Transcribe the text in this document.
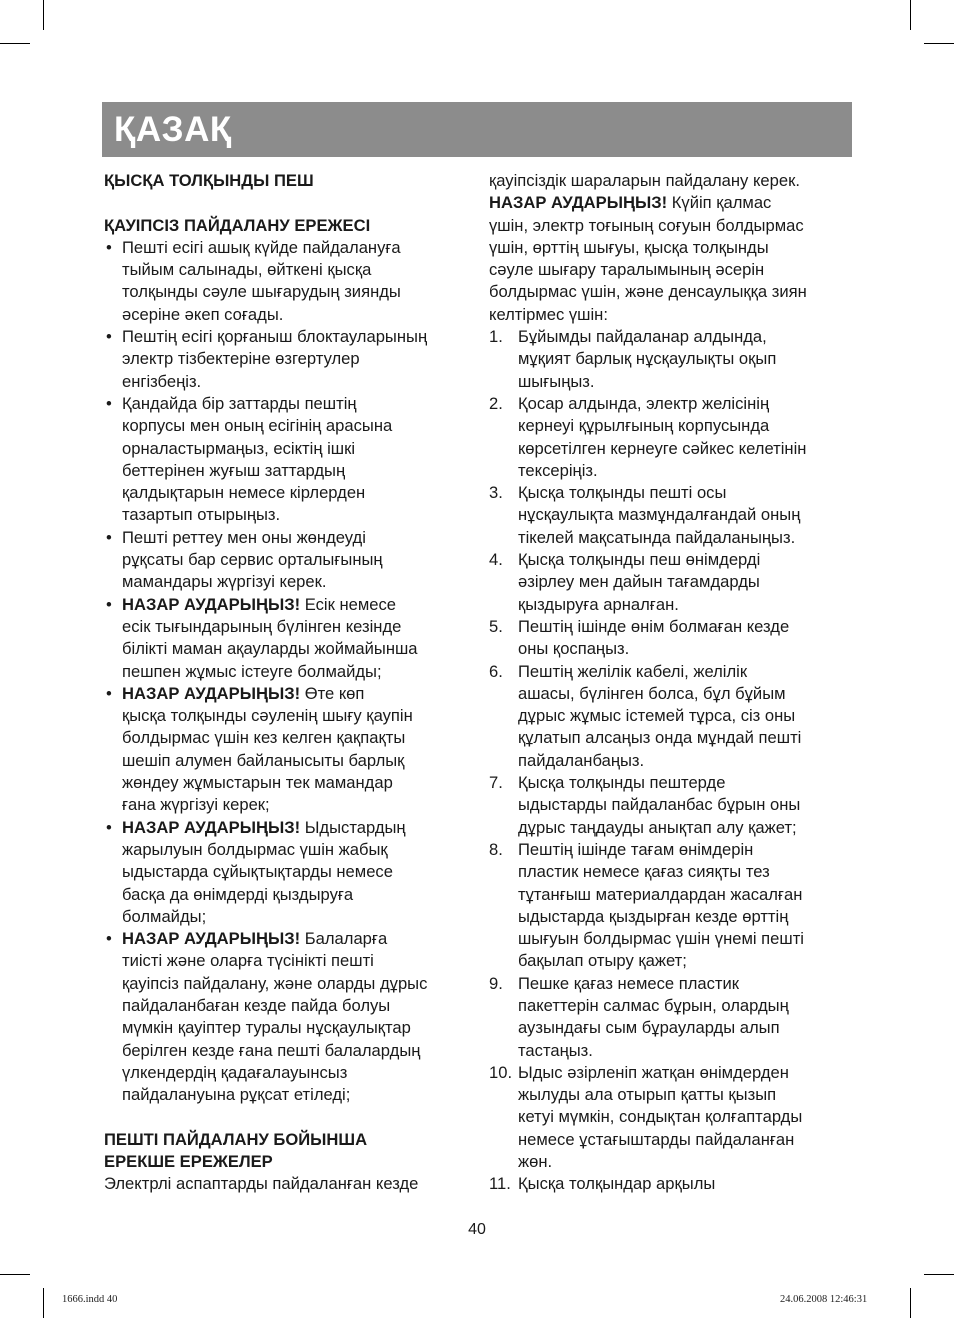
ҚАЗАҚ
ҚЫСҚА ТОЛҚЫНДЫ ПЕШ
ҚАУІПСІЗ ПАЙДАЛАНУ ЕРЕЖЕСІ
• Пешті есігі ашық күйде пайдалануға
тыйым салынады, өйткені қысқа
толқынды сәуле шығарудың зиянды
әсеріне әкеп соғады.
• Пештің есігі қорғаныш блоктауларының
электр тізбектеріне өзгертулер
енгізбеңіз.
• Қандайда бір заттарды пештің
корпусы мен оның есігінің арасына
орналастырмаңыз, есіктің ішкі
беттерінен жуғыш заттардың
қалдықтарын немесе кірлерден
тазартып отырыңыз.
• Пешті реттеу мен оны жөндеуді
рұқсаты бар сервис орталығының
мамандары жүргізуі керек.
• НАЗАР АУДАРЫҢЫЗ! Есік немесе
есік тығындарының бүлінген кезінде
білікті маман ақауларды жоймайынша
пешпен жұмыс істеуге болмайды;
• НАЗАР АУДАРЫҢЫЗ! Өте көп
қысқа толқынды сәуленің шығу қаупін
болдырмас үшін кез келген қақпақты
шешіп алумен байланысыты барлық
жөндеу жұмыстарын тек мамандар
ғана жүргізуі керек;
• НАЗАР АУДАРЫҢЫЗ! Ыдыстардың
жарылуын болдырмас үшін жабық
ыдыстарда сұйықтықтарды немесе
басқа да өнімдерді қыздыруға
болмайды;
• НАЗАР АУДАРЫҢЫЗ! Балаларға
тиісті және оларға түсінікті пешті
қауіпсіз пайдалану, және оларды дұрыс
пайдаланбаған кезде пайда болуы
мүмкін қауіптер туралы нұсқаулықтар
берілген кезде ғана пешті балалардың
үлкендердің қадағалауынсыз
пайдалануына рұқсат етіледі;
ПЕШТІ ПАЙДАЛАНУ БОЙЫНША
ЕРЕКШЕ ЕРЕЖЕЛЕР
Электрлі аспаптарды пайдаланған кезде
қауіпсіздік шараларын пайдалану керек.
НАЗАР АУДАРЫҢЫЗ! Күйіп қалмас
үшін, электр тоғының соғуын болдырмас
үшін, өрттің шығуы, қысқа толқынды
сәуле шығару таралымының әсерін
болдырмас үшін, және денсаулыққа зиян
келтірмес үшін:
1. Бұйымды пайдаланар алдында,
мұқият барлық нұсқаулықты оқып
шығыңыз.
2. Қосар алдында, электр желісінің
кернеуі құрылғының корпусында
көрсетілген кернеуге сәйкес келетінін
тексеріңіз.
3. Қысқа толқынды пешті осы
нұсқаулықта мазмұндалғандай оның
тікелей мақсатында пайдаланыңыз.
4. Қысқа толқынды пеш өнімдерді
әзірлеу мен дайын тағамдарды
қыздыруға арналған.
5. Пештің ішінде өнім болмаған кезде
оны қоспаңыз.
6. Пештің желілік кабелі, желілік
ашасы, бүлінген болса, бұл бұйым
дұрыс жұмыс істемей тұрса, сіз оны
құлатып алсаңыз онда мұндай пешті
пайдаланбаңыз.
7. Қысқа толқынды пештерде
ыдыстарды пайдаланбас бұрын оны
дұрыс таңдауды анықтап алу қажет;
8. Пештің ішінде тағам өнімдерін
пластик немесе қағаз сияқты тез
тұтанғыш материалдардан жасалған
ыдыстарда қыздырған кезде өрттің
шығуын болдырмас үшін үнемі пешті
бақылап отыру қажет;
9. Пешке қағаз немесе пластик
пакеттерін салмас бұрын, олардың
аузындағы сым бұрауларды алып
тастаңыз.
10. Ыдыс әзірленіп жатқан өнімдерден
жылуды ала отырып қатты қызып
кетуі мүмкін, сондықтан қолғаптарды
немесе ұстағыштарды пайдаланған
жөн.
11. Қысқа толқындар арқылы
40
1666.indd 40	24.06.2008 12:46:31
